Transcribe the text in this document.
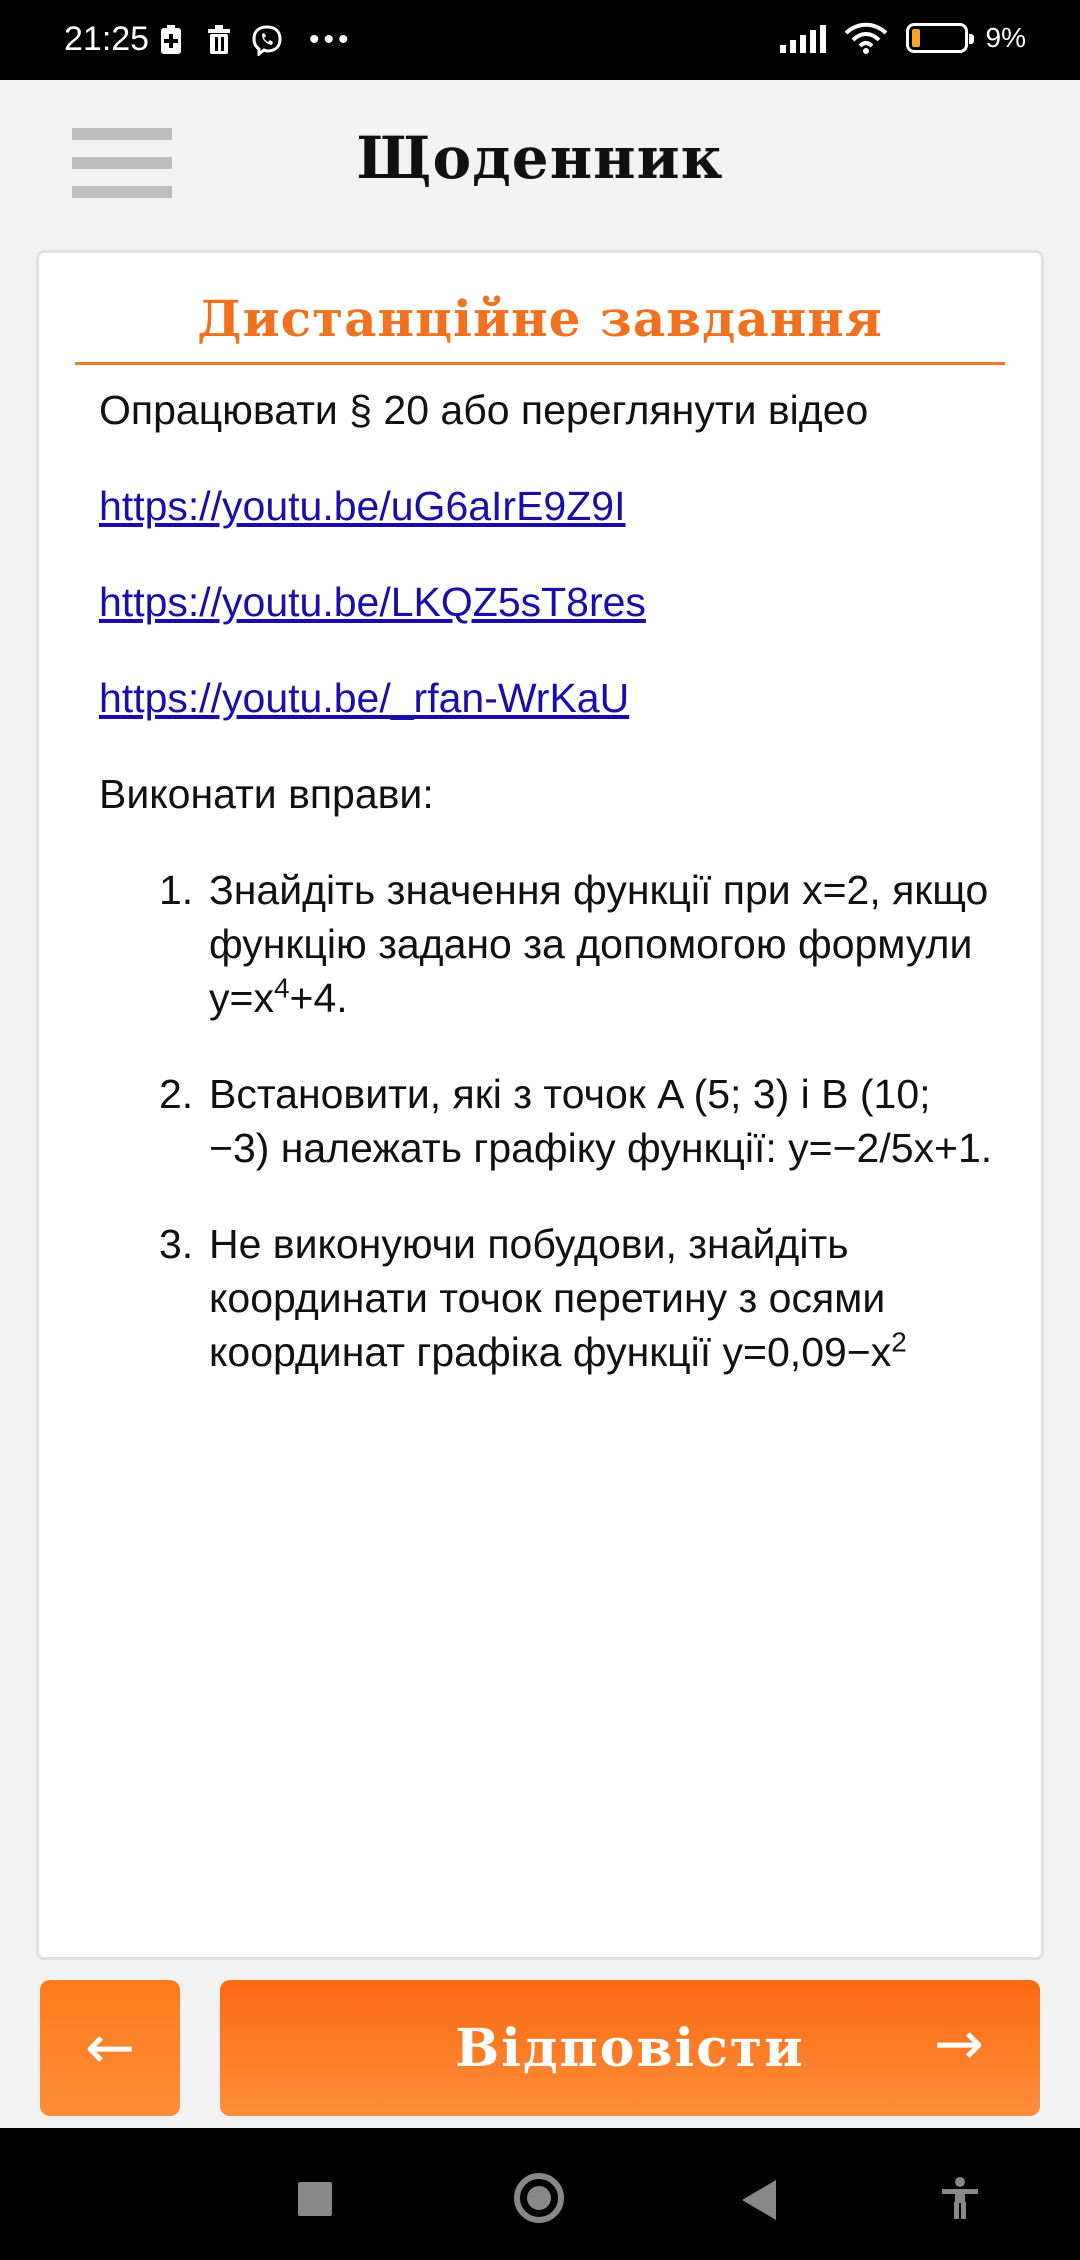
21:25	•••	9%
Щоденник
Дистанційне завдання

Опрацювати § 20 або переглянути відео

https://youtu.be/uG6aIrE9Z9I

https://youtu.be/LKQZ5sT8res

https://youtu.be/_rfan-WrKaU

Виконати вправи:

1. Знайдіть значення функції при x=2, якщо функцію задано за допомогою формули $y=x^4+4$.
2. Встановити, які з точок A (5; 3) і B (10; −3) належать графіку функції: y=−2/5x+1.
3. Не виконуючи побудови, знайдіть координати точок перетину з осями координат графіка функції $y=0,09-x^2$
←	Відповісти →
